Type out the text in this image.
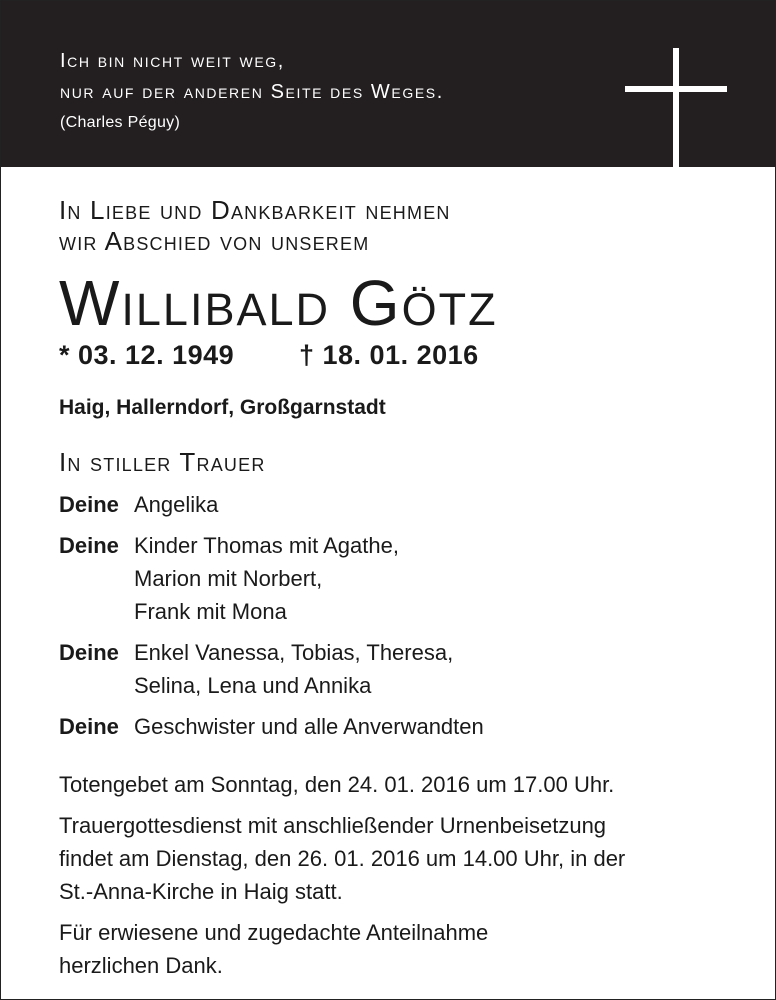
Ich bin nicht weit weg,
nur auf der anderen Seite des Weges.
(Charles Péguy)
In Liebe und Dankbarkeit nehmen
wir Abschied von unserem
Willibald Götz
* 03. 12. 1949 † 18. 01. 2016
Haig, Hallerndorf, Großgarnstadt
In stiller Trauer
Deine Angelika
Deine Kinder Thomas mit Agathe,
Marion mit Norbert,
Frank mit Mona
Deine Enkel Vanessa, Tobias, Theresa,
Selina, Lena und Annika
Deine Geschwister und alle Anverwandten

Totengebet am Sonntag, den 24. 01. 2016 um 17.00 Uhr.

Trauergottesdienst mit anschließender Urnenbeisetzung
findet am Dienstag, den 26. 01. 2016 um 14.00 Uhr, in der
St.-Anna-Kirche in Haig statt.

Für erwiesene und zugedachte Anteilnahme
herzlichen Dank.
